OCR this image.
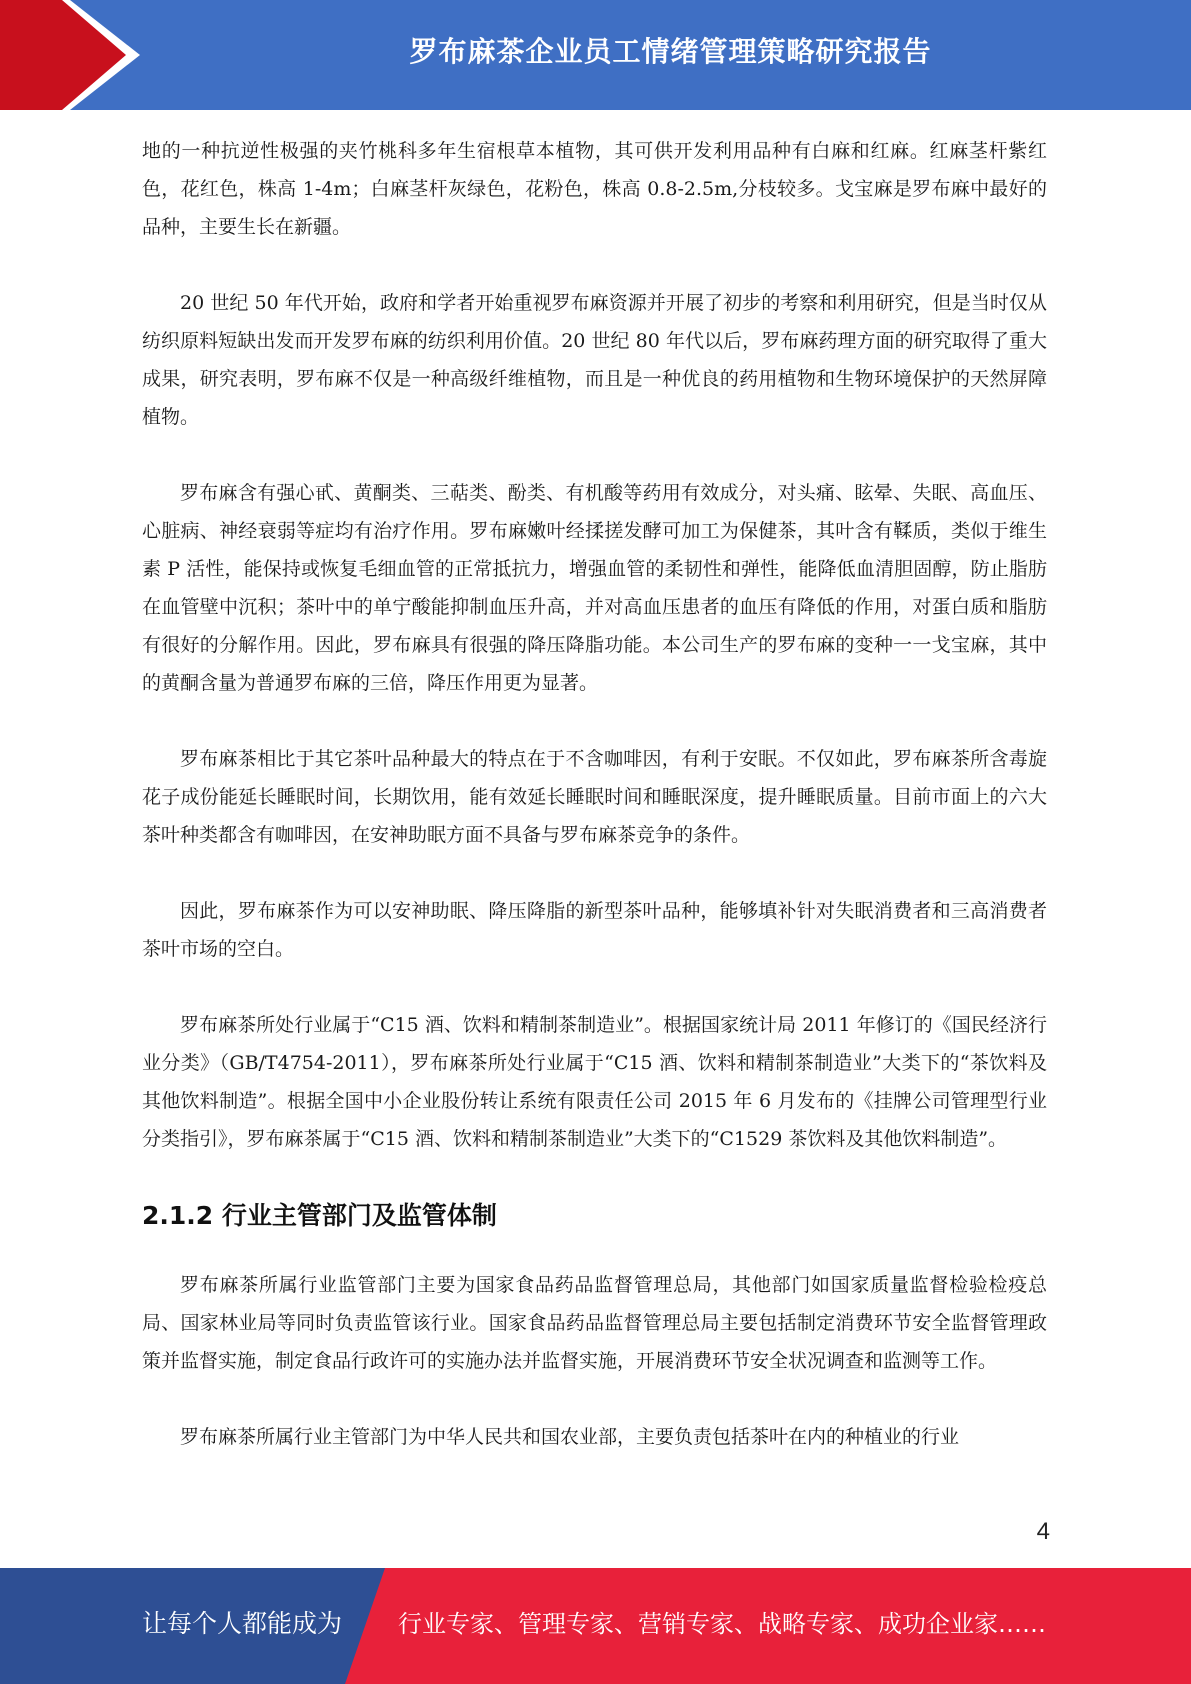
罗布麻茶企业员工情绪管理策略研究报告

地的一种抗逆性极强的夹竹桃科多年生宿根草本植物，其可供开发利用品种有白麻和红麻。红麻茎杆紫红色，花红色，株高 1-4m；白麻茎杆灰绿色，花粉色，株高 0.8-2.5m,分枝较多。戈宝麻是罗布麻中最好的品种，主要生长在新疆。

20 世纪 50 年代开始，政府和学者开始重视罗布麻资源并开展了初步的考察和利用研究，但是当时仅从纺织原料短缺出发而开发罗布麻的纺织利用价值。20 世纪 80 年代以后，罗布麻药理方面的研究取得了重大成果，研究表明，罗布麻不仅是一种高级纤维植物，而且是一种优良的药用植物和生物环境保护的天然屏障植物。

罗布麻含有强心甙、黄酮类、三萜类、酚类、有机酸等药用有效成分，对头痛、眩晕、失眠、高血压、心脏病、神经衰弱等症均有治疗作用。罗布麻嫩叶经揉搓发酵可加工为保健茶，其叶含有鞣质，类似于维生素 P 活性，能保持或恢复毛细血管的正常抵抗力，增强血管的柔韧性和弹性，能降低血清胆固醇，防止脂肪在血管壁中沉积；茶叶中的单宁酸能抑制血压升高，并对高血压患者的血压有降低的作用，对蛋白质和脂肪有很好的分解作用。因此，罗布麻具有很强的降压降脂功能。本公司生产的罗布麻的变种一一戈宝麻，其中的黄酮含量为普通罗布麻的三倍，降压作用更为显著。

罗布麻茶相比于其它茶叶品种最大的特点在于不含咖啡因，有利于安眠。不仅如此，罗布麻茶所含毒旋花子成份能延长睡眠时间，长期饮用，能有效延长睡眠时间和睡眠深度，提升睡眠质量。目前市面上的六大茶叶种类都含有咖啡因，在安神助眠方面不具备与罗布麻茶竞争的条件。

因此，罗布麻茶作为可以安神助眠、降压降脂的新型茶叶品种，能够填补针对失眠消费者和三高消费者茶叶市场的空白。

罗布麻茶所处行业属于“C15 酒、饮料和精制茶制造业”。根据国家统计局 2011 年修订的《国民经济行业分类》（GB/T4754-2011），罗布麻茶所处行业属于“C15 酒、饮料和精制茶制造业”大类下的“茶饮料及其他饮料制造”。根据全国中小企业股份转让系统有限责任公司 2015 年 6 月发布的《挂牌公司管理型行业分类指引》，罗布麻茶属于“C15 酒、饮料和精制茶制造业”大类下的“C1529 茶饮料及其他饮料制造”。

2.1.2 行业主管部门及监管体制

罗布麻茶所属行业监管部门主要为国家食品药品监督管理总局，其他部门如国家质量监督检验检疫总局、国家林业局等同时负责监管该行业。国家食品药品监督管理总局主要包括制定消费环节安全监督管理政策并监督实施，制定食品行政许可的实施办法并监督实施，开展消费环节安全状况调查和监测等工作。

罗布麻茶所属行业主管部门为中华人民共和国农业部，主要负责包括茶叶在内的种植业的行业

4
让每个人都能成为 行业专家、管理专家、营销专家、战略专家、成功企业家……
